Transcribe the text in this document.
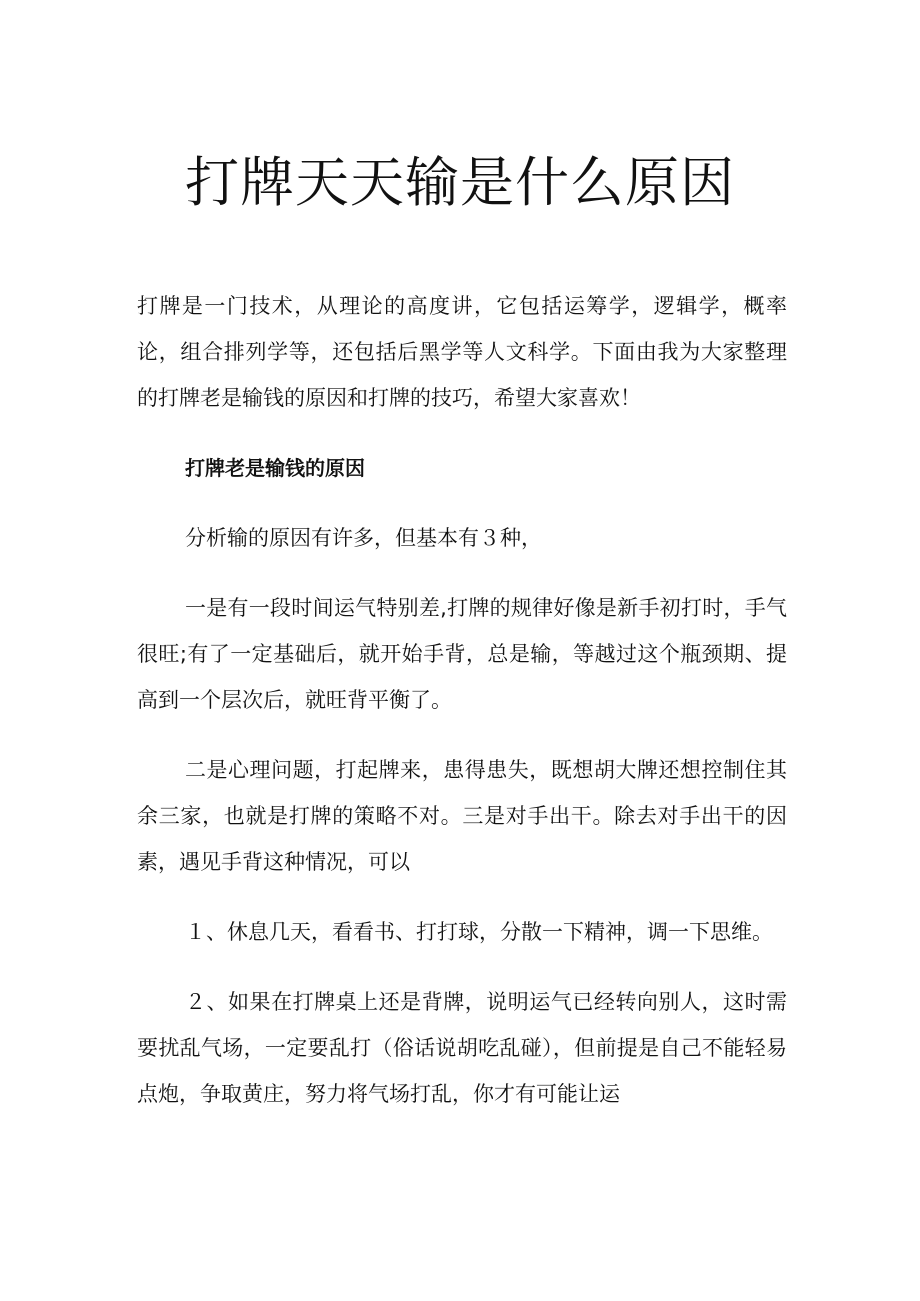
打牌天天输是什么原因

打牌是一门技术，从理论的高度讲，它包括运筹学，逻辑学，概率论，组合排列学等，还包括后黑学等人文科学。下面由我为大家整理的打牌老是输钱的原因和打牌的技巧，希望大家喜欢！

打牌老是输钱的原因

分析输的原因有许多，但基本有３种，

一是有一段时间运气特别差,打牌的规律好像是新手初打时，手气很旺;有了一定基础后，就开始手背，总是输，等越过这个瓶颈期、提高到一个层次后，就旺背平衡了。

二是心理问题，打起牌来，患得患失，既想胡大牌还想控制住其余三家，也就是打牌的策略不对。三是对手出干。除去对手出干的因素，遇见手背这种情况，可以

１、休息几天，看看书、打打球，分散一下精神，调一下思维。

２、如果在打牌桌上还是背牌，说明运气已经转向别人，这时需要扰乱气场，一定要乱打（俗话说胡吃乱碰），但前提是自己不能轻易点炮，争取黄庄，努力将气场打乱，你才有可能让运
